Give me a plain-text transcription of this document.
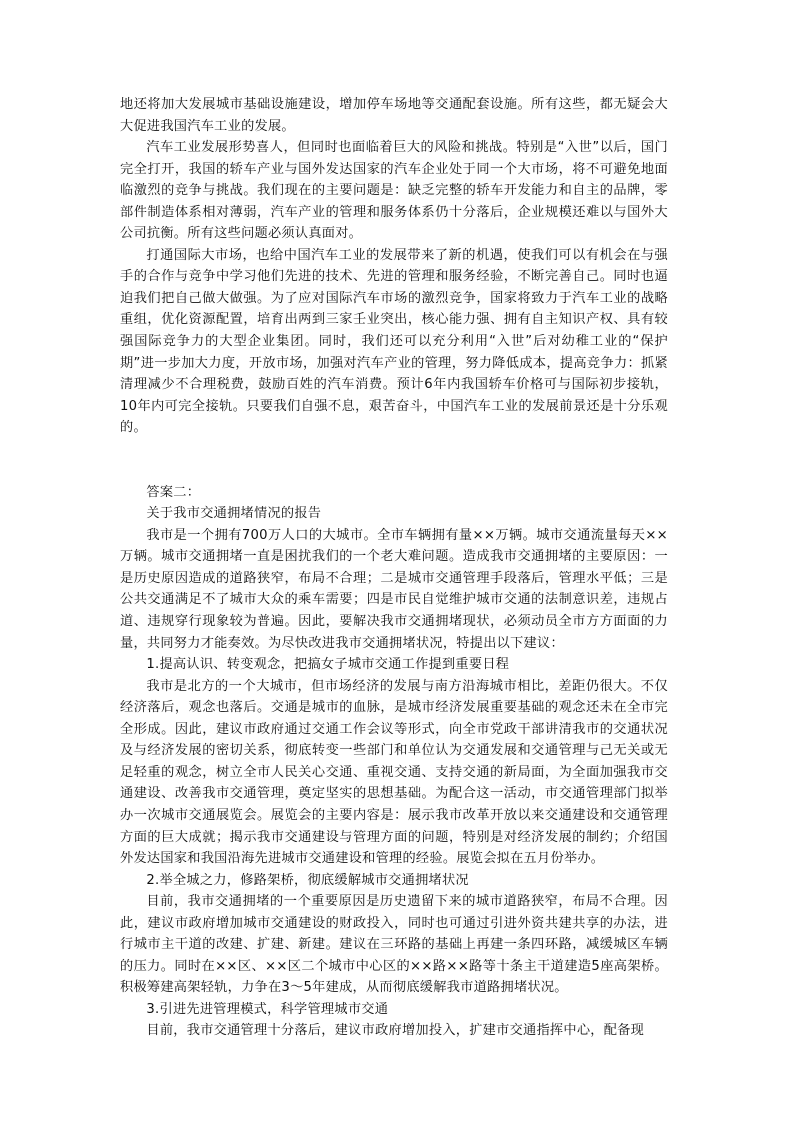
地还将加大发展城市基础设施建设，增加停车场地等交通配套设施。所有这些，都无疑会大大促进我国汽车工业的发展。

汽车工业发展形势喜人，但同时也面临着巨大的风险和挑战。特别是“入世”以后，国门完全打开，我国的轿车产业与国外发达国家的汽车企业处于同一个大市场，将不可避免地面临激烈的竞争与挑战。我们现在的主要问题是：缺乏完整的轿车开发能力和自主的品牌，零部件制造体系相对薄弱，汽车产业的管理和服务体系仍十分落后，企业规模还难以与国外大公司抗衡。所有这些问题必须认真面对。

打通国际大市场，也给中国汽车工业的发展带来了新的机遇，使我们可以有机会在与强手的合作与竞争中学习他们先进的技术、先进的管理和服务经验，不断完善自己。同时也逼迫我们把自己做大做强。为了应对国际汽车市场的激烈竞争，国家将致力于汽车工业的战略重组，优化资源配置，培育出两到三家壬业突出，核心能力强、拥有自主知识产权、具有较强国际竞争力的大型企业集团。同时，我们还可以充分利用“入世”后对幼稚工业的“保护期”进一步加大力度，开放市场，加强对汽车产业的管理，努力降低成本，提高竞争力：抓紧清理减少不合理税费，鼓励百姓的汽车消费。预计6年内我国轿车价格可与国际初步接轨，10年内可完全接轨。只要我们自强不息，艰苦奋斗，中国汽车工业的发展前景还是十分乐观的。

答案二：

关于我市交通拥堵情况的报告

我市是一个拥有700万人口的大城市。全市车辆拥有量××万辆。城市交通流量每天××万辆。城市交通拥堵一直是困扰我们的一个老大难问题。造成我市交通拥堵的主要原因：一是历史原因造成的道路狭窄，布局不合理；二是城市交通管理手段落后，管理水平低；三是公共交通满足不了城市大众的乘车需要；四是市民自觉维护城市交通的法制意识差，违规占道、违规穿行现象较为普遍。因此，要解决我市交通拥堵现状，必须动员全市方方面面的力量，共同努力才能奏效。为尽快改进我市交通拥堵状况，特提出以下建议：

1.提高认识、转变观念，把搞女子城市交通工作提到重要日程

我市是北方的一个大城市，但市场经济的发展与南方沿海城市相比，差距仍很大。不仅经济落后，观念也落后。交通是城市的血脉，是城市经济发展重要基础的观念还未在全市完全形成。因此，建议市政府通过交通工作会议等形式，向全市党政干部讲清我市的交通状况及与经济发展的密切关系，彻底转变一些部门和单位认为交通发展和交通管理与己无关或无足轻重的观念，树立全市人民关心交通、重视交通、支持交通的新局面，为全面加强我市交通建设、改善我市交通管理，奠定坚实的思想基础。为配合这一活动，市交通管理部门拟举办一次城市交通展览会。展览会的主要内容是：展示我市改革开放以来交通建设和交通管理方面的巨大成就；揭示我市交通建设与管理方面的问题，特别是对经济发展的制约；介绍国外发达国家和我国沿海先进城市交通建设和管理的经验。展览会拟在五月份举办。

2.举全城之力，修路架桥，彻底缓解城市交通拥堵状况

目前，我市交通拥堵的一个重要原因是历史遗留下来的城市道路狭窄，布局不合理。因此，建议市政府增加城市交通建设的财政投入，同时也可通过引进外资共建共享的办法，进行城市主干道的改建、扩建、新建。建议在三环路的基础上再建一条四环路，减缓城区车辆的压力。同时在××区、××区二个城市中心区的××路××路等十条主干道建造5座高架桥。积极筹建高架轻轨，力争在3～5年建成，从而彻底缓解我市道路拥堵状况。

3.引进先进管理模式，科学管理城市交通

目前，我市交通管理十分落后，建议市政府增加投入，扩建市交通指挥中心，配备现
